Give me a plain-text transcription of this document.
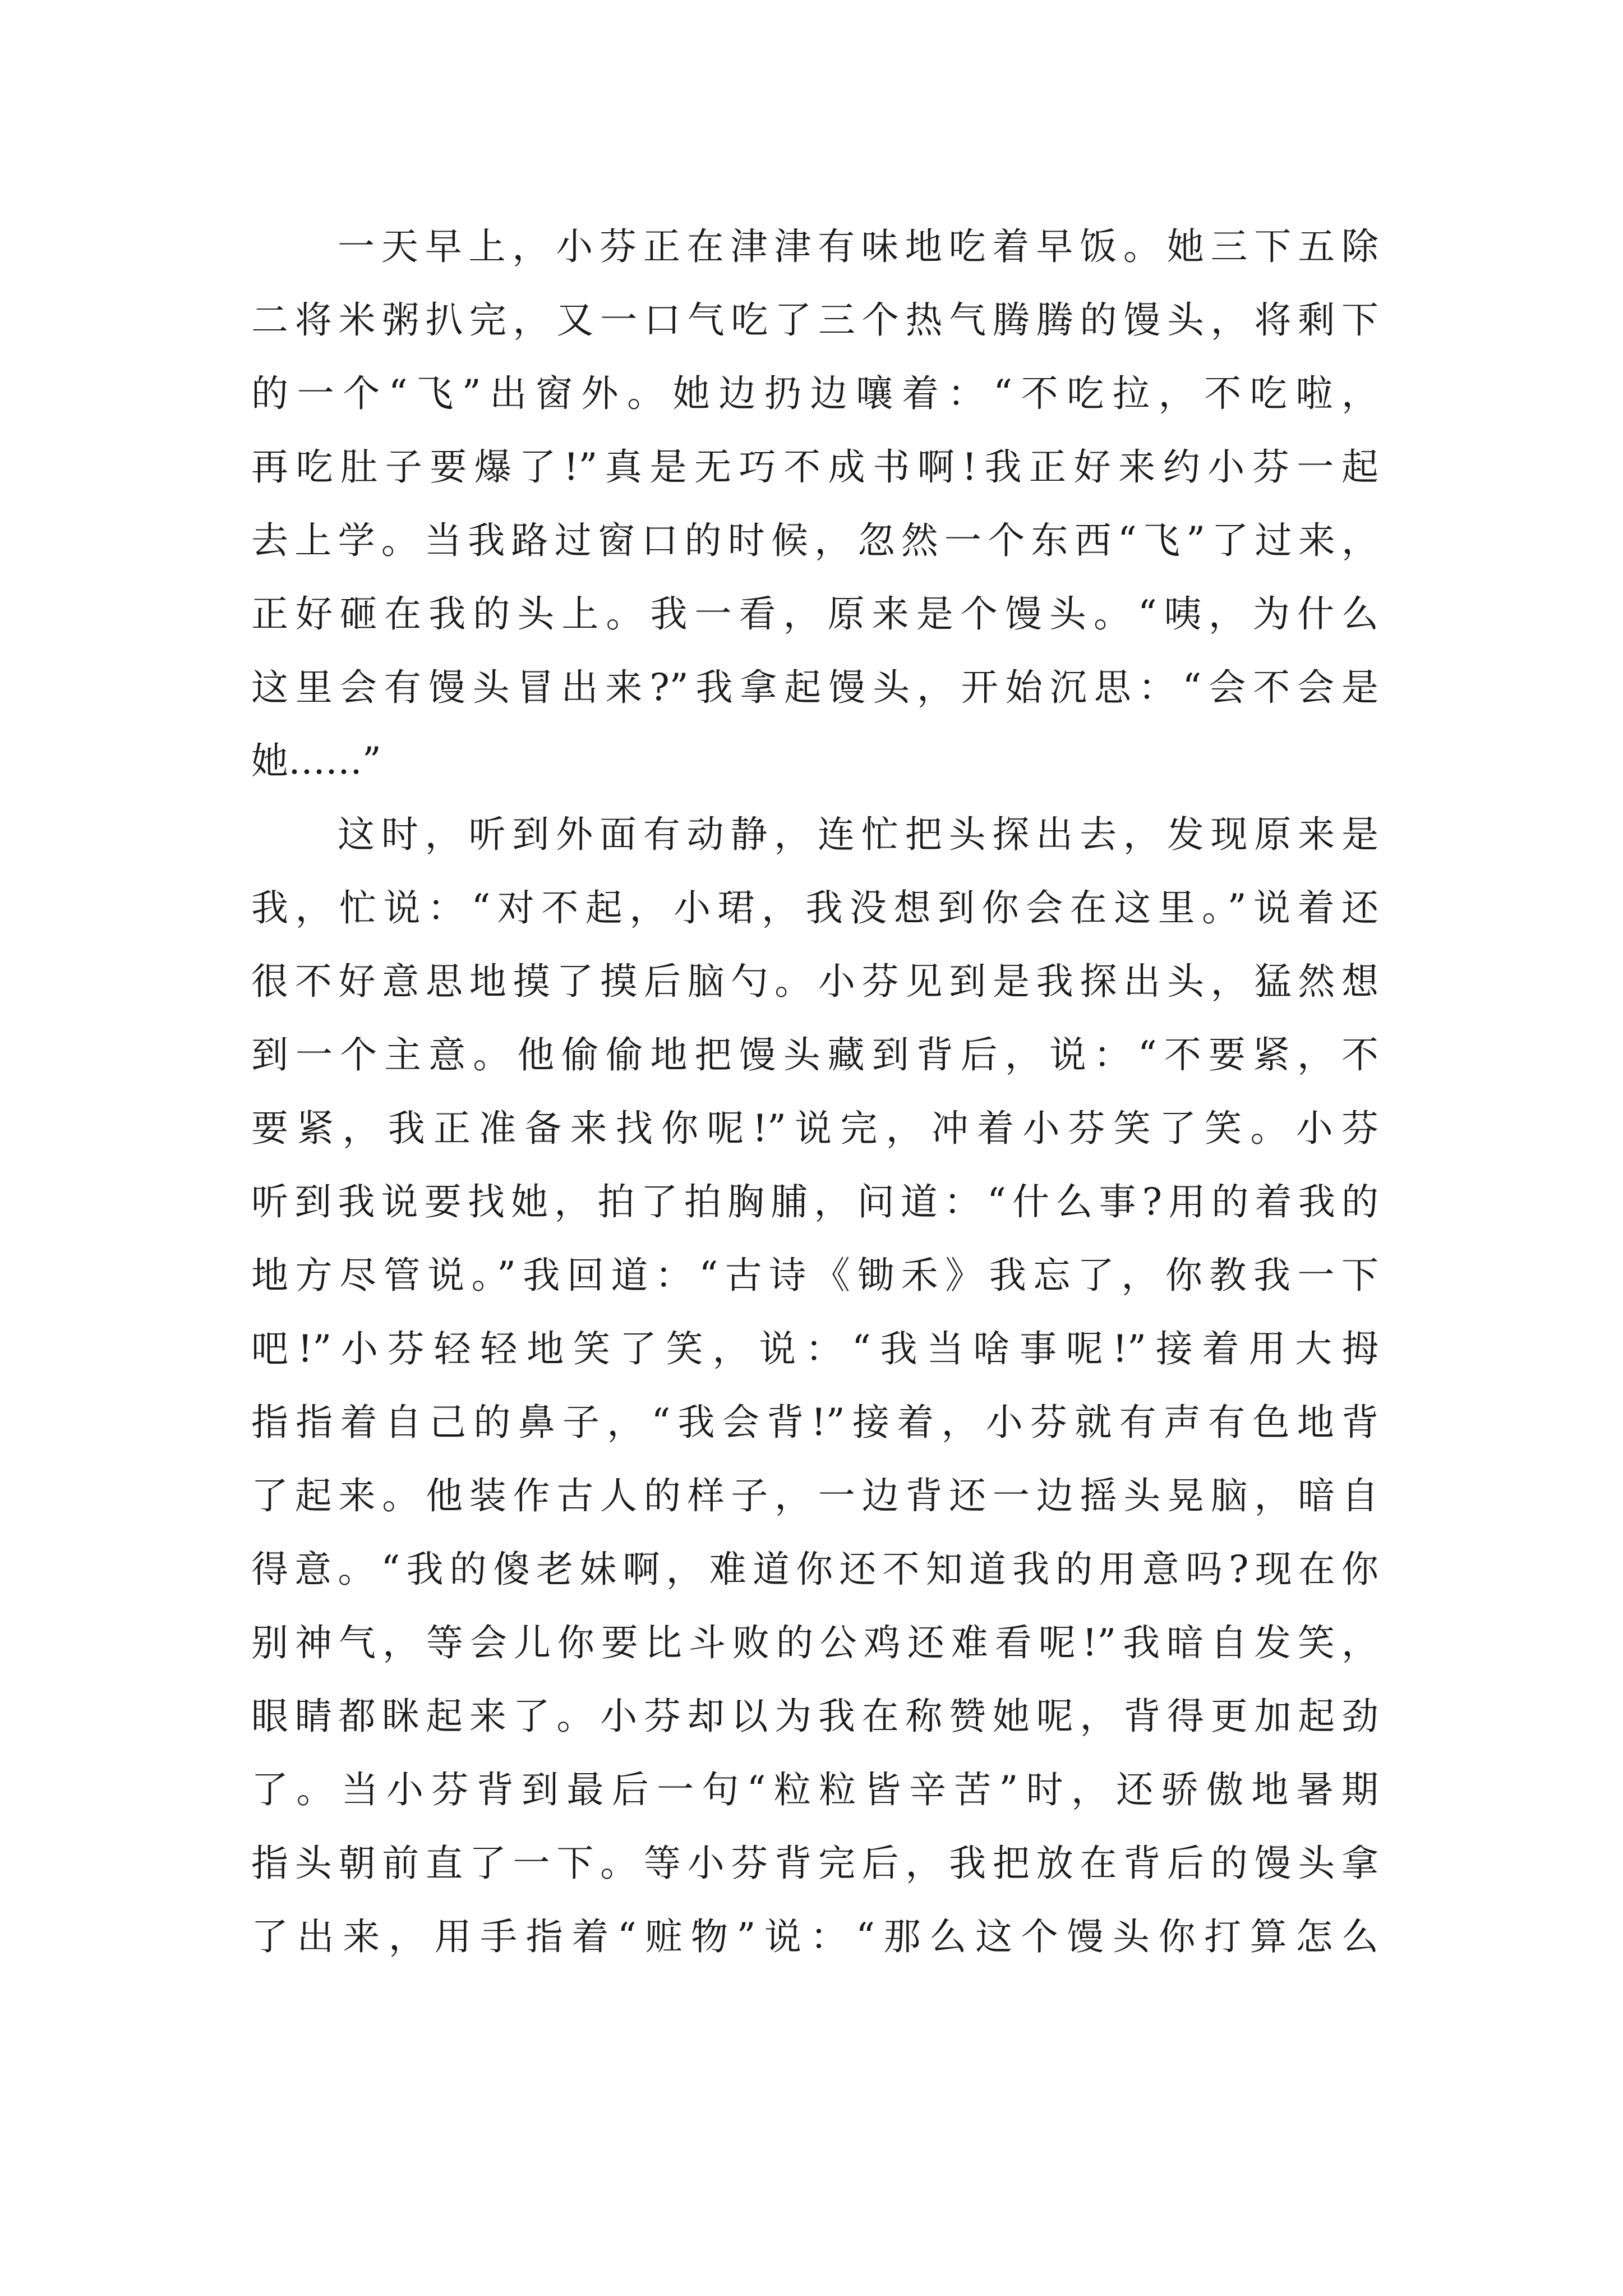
一天早上，小芬正在津津有味地吃着早饭。她三下五除
二将米粥扒完，又一口气吃了三个热气腾腾的馒头，将剩下
的一个“飞”出窗外。她边扔边嚷着：“不吃拉，不吃啦，
再吃肚子要爆了!”真是无巧不成书啊!我正好来约小芬一起
去上学。当我路过窗口的时候，忽然一个东西“飞”了过来，
正好砸在我的头上。我一看，原来是个馒头。“咦，为什么
这里会有馒头冒出来?”我拿起馒头，开始沉思：“会不会是
她……”
这时，听到外面有动静，连忙把头探出去，发现原来是
我，忙说：“对不起，小珺，我没想到你会在这里。”说着还
很不好意思地摸了摸后脑勺。小芬见到是我探出头，猛然想
到一个主意。他偷偷地把馒头藏到背后，说：“不要紧，不
要紧，我正准备来找你呢!”说完，冲着小芬笑了笑。小芬
听到我说要找她，拍了拍胸脯，问道：“什么事?用的着我的
地方尽管说。”我回道：“古诗《锄禾》我忘了，你教我一下
吧!”小芬轻轻地笑了笑，说：“我当啥事呢!”接着用大拇
指指着自己的鼻子，“我会背!”接着，小芬就有声有色地背
了起来。他装作古人的样子，一边背还一边摇头晃脑，暗自
得意。“我的傻老妹啊，难道你还不知道我的用意吗?现在你
别神气，等会儿你要比斗败的公鸡还难看呢!”我暗自发笑，
眼睛都眯起来了。小芬却以为我在称赞她呢，背得更加起劲
了。当小芬背到最后一句“粒粒皆辛苦”时，还骄傲地暑期
指头朝前直了一下。等小芬背完后，我把放在背后的馒头拿
了出来，用手指着“赃物”说：“那么这个馒头你打算怎么
